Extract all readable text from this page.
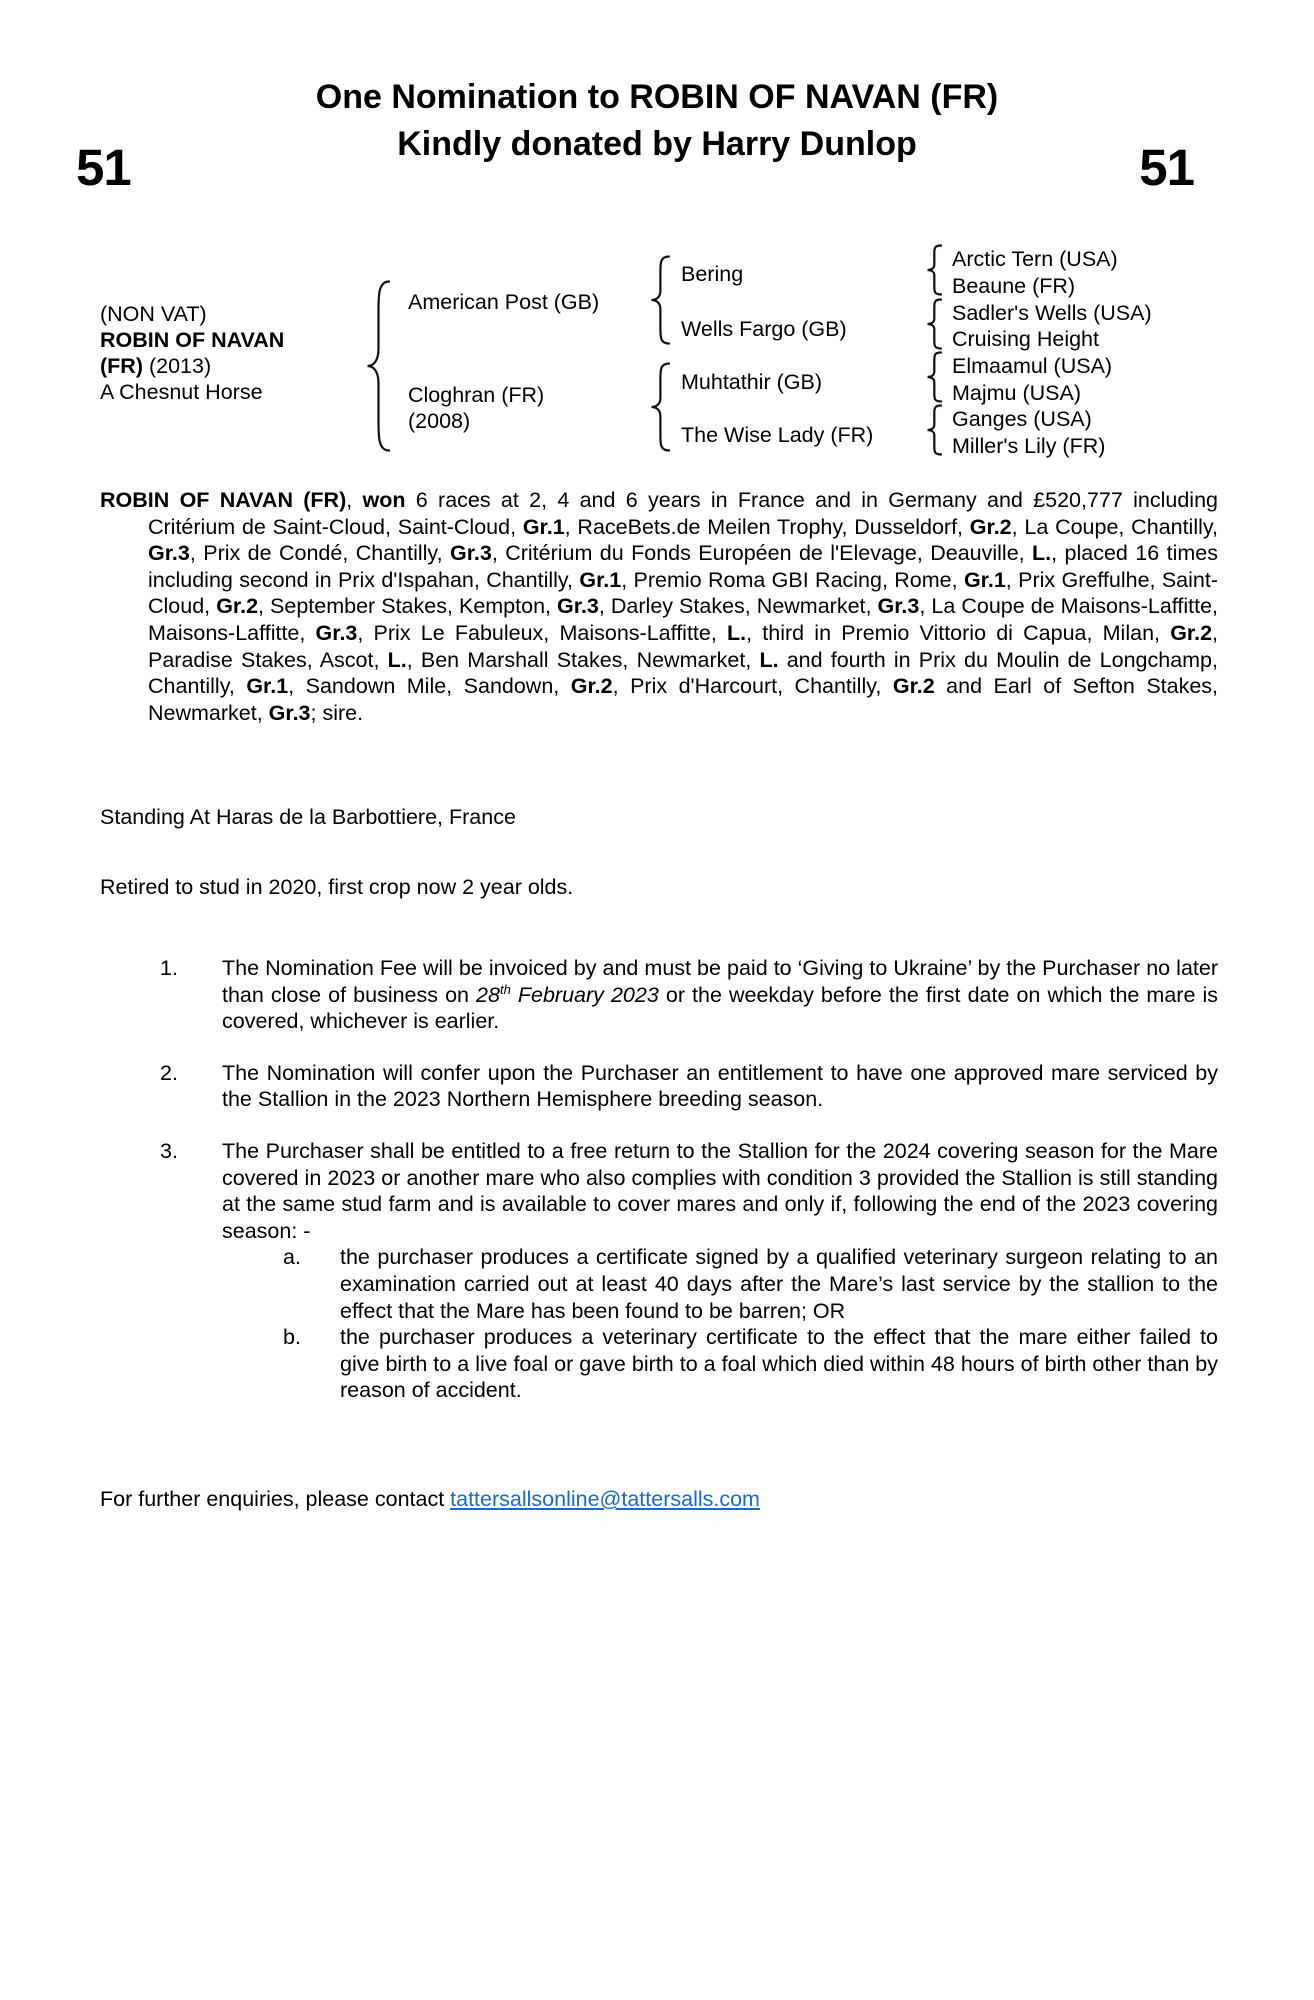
One Nomination to ROBIN OF NAVAN (FR)
Kindly donated by Harry Dunlop
51	51
(NON VAT)
ROBIN OF NAVAN
(FR) (2013)
A Chesnut Horse
American Post (GB)
Cloghran (FR)
(2008)
Bering
Wells Fargo (GB)
Muhtathir (GB)
The Wise Lady (FR)
Arctic Tern (USA)
Beaune (FR)
Sadler's Wells (USA)
Cruising Height
Elmaamul (USA)
Majmu (USA)
Ganges (USA)
Miller's Lily (FR)
ROBIN OF NAVAN (FR), won 6 races at 2, 4 and 6 years in France and in Germany and £520,777 including Critérium de Saint-Cloud, Saint-Cloud, Gr.1, RaceBets.de Meilen Trophy, Dusseldorf, Gr.2, La Coupe, Chantilly, Gr.3, Prix de Condé, Chantilly, Gr.3, Critérium du Fonds Européen de l'Elevage, Deauville, L., placed 16 times including second in Prix d'Ispahan, Chantilly, Gr.1, Premio Roma GBI Racing, Rome, Gr.1, Prix Greffulhe, Saint-Cloud, Gr.2, September Stakes, Kempton, Gr.3, Darley Stakes, Newmarket, Gr.3, La Coupe de Maisons-Laffitte, Maisons-Laffitte, Gr.3, Prix Le Fabuleux, Maisons-Laffitte, L., third in Premio Vittorio di Capua, Milan, Gr.2, Paradise Stakes, Ascot, L., Ben Marshall Stakes, Newmarket, L. and fourth in Prix du Moulin de Longchamp, Chantilly, Gr.1, Sandown Mile, Sandown, Gr.2, Prix d'Harcourt, Chantilly, Gr.2 and Earl of Sefton Stakes, Newmarket, Gr.3; sire.
Standing At Haras de la Barbottiere, France
Retired to stud in 2020, first crop now 2 year olds.
1.	The Nomination Fee will be invoiced by and must be paid to ‘Giving to Ukraine’ by the Purchaser no later than close of business on 28th February 2023 or the weekday before the first date on which the mare is covered, whichever is earlier.
2.	The Nomination will confer upon the Purchaser an entitlement to have one approved mare serviced by the Stallion in the 2023 Northern Hemisphere breeding season.
3.	The Purchaser shall be entitled to a free return to the Stallion for the 2024 covering season for the Mare covered in 2023 or another mare who also complies with condition 3 provided the Stallion is still standing at the same stud farm and is available to cover mares and only if, following the end of the 2023 covering season: -
a.	the purchaser produces a certificate signed by a qualified veterinary surgeon relating to an examination carried out at least 40 days after the Mare’s last service by the stallion to the effect that the Mare has been found to be barren; OR
b.	the purchaser produces a veterinary certificate to the effect that the mare either failed to give birth to a live foal or gave birth to a foal which died within 48 hours of birth other than by reason of accident.
For further enquiries, please contact tattersallsonline@tattersalls.com
